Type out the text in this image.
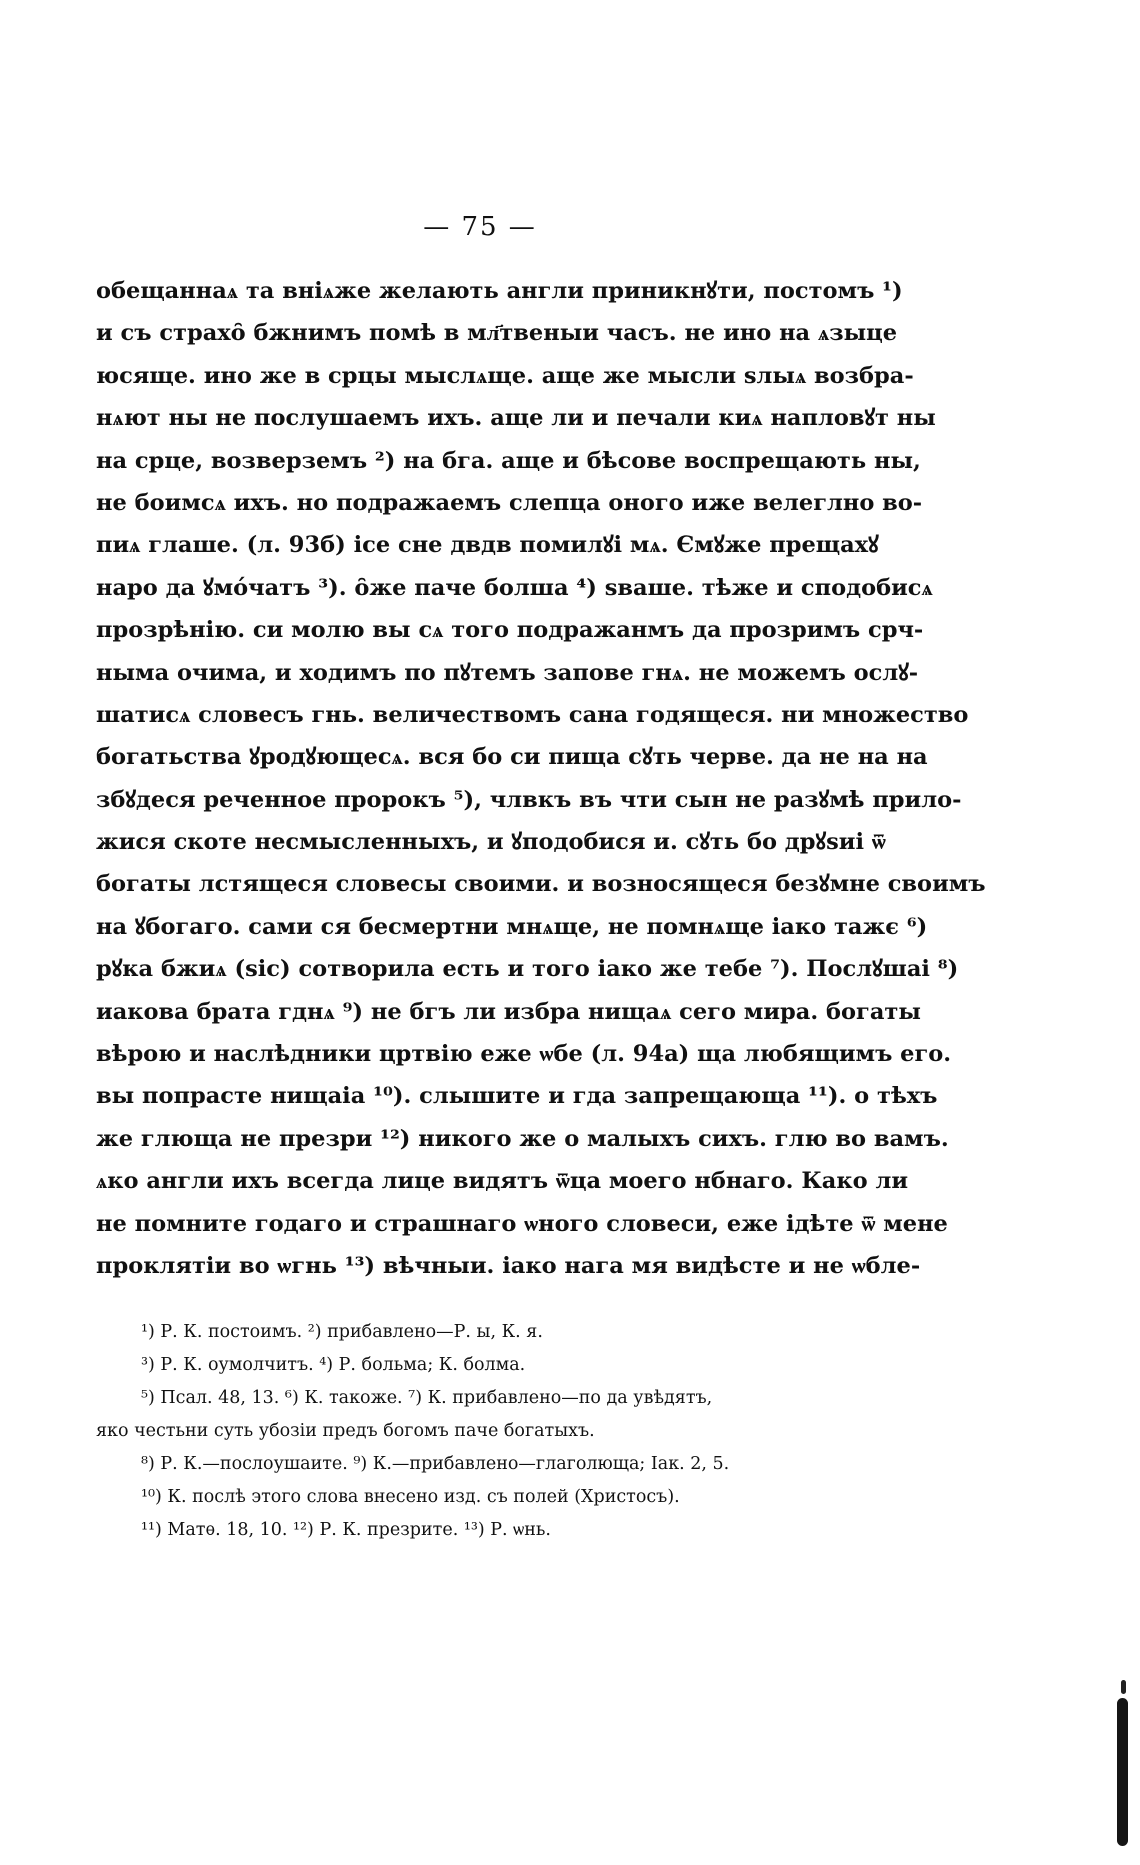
— 75 —
обещаннаѧ та вніѧже желають англи приникнꙋти, постомъ ¹)
и съ страхо̑ бжнимъ помѣ в мл҃твеныи часъ. не ино на ѧзыце
юсяще. ино же в срцы мыслѧще. аще же мысли ѕлыѧ возбра-
нѧют ны не послушаемъ ихъ. аще ли и печали киѧ напловꙋт ны
на срце, возверземъ ²) на бга. аще и бѣсове воспрещають ны,
не боимсѧ ихъ. но подражаемъ слепца оного иже велеглно во-
пиѧ глаше. (л. 93б) ісе сне двдв помилꙋі мѧ. Ємꙋже прещахꙋ
наро да ꙋмо́чатъ ³). о̑же паче болша ⁴) ѕваше. тѣже и сподобисѧ
прозрѣнію. си молю вы сѧ того подражанмъ да прозримъ срч-
ныма очима, и ходимъ по пꙋтемъ запове гнѧ. не можемъ ослꙋ-
шатисѧ словесъ гнь. величествомъ сана годящеся. ни множество
богатьства ꙋродꙋющесѧ. вся бо си пища сꙋть черве. да не на на
збꙋдеся реченное пророкъ ⁵), члвкъ въ чти сын не разꙋмѣ прило-
жися скоте несмысленныхъ, и ꙋподобися и. сꙋть бо дрꙋѕиі ѿ
богаты лстящеся словесы своими. и возносящеся безꙋмне своимъ
на ꙋбогаго. сами ся бесмертни мнѧще, не помнѧще іако тажє ⁶)
рꙋка бжиѧ (sic) сотворила есть и того іако же тебе ⁷). Послꙋшаі ⁸)
иакова брата гднѧ ⁹) не бгъ ли избра нищаѧ сего мира. богаты
вѣрою и наслѣдники цртвію еже ѡбе (л. 94а) ща любящимъ его.
вы попрасте нищаіа ¹⁰). слышите и гда запрещающа ¹¹). о тѣхъ
же глюща не презри ¹²) никого же о малыхъ сихъ. глю во вамъ.
ѧко англи ихъ всегда лице видятъ ѿца моего нбнаго. Како ли
не помните годаго и страшнаго ѡного словеси, еже ідѣте ѿ мене
проклятіи во ѡгнь ¹³) вѣчныи. іако нага мя видѣсте и не ѡбле-
¹) Р. К. постоимъ. ²) прибавлено—Р. ы, К. я.
³) Р. К. оумолчитъ. ⁴) Р. больма; К. болма.
⁵) Псал. 48, 13. ⁶) К. такоже. ⁷) К. прибавлено—по да увѣдятъ,
яко честьни суть убозіи предъ богомъ паче богатыхъ.
⁸) Р. К.—послоушаите. ⁹) К.—прибавлено—глаголюща; Іак. 2, 5.
¹⁰) К. послѣ этого слова внесено изд. съ полей (Христосъ).
¹¹) Матѳ. 18, 10. ¹²) Р. К. презрите. ¹³) Р. ѡнь.
